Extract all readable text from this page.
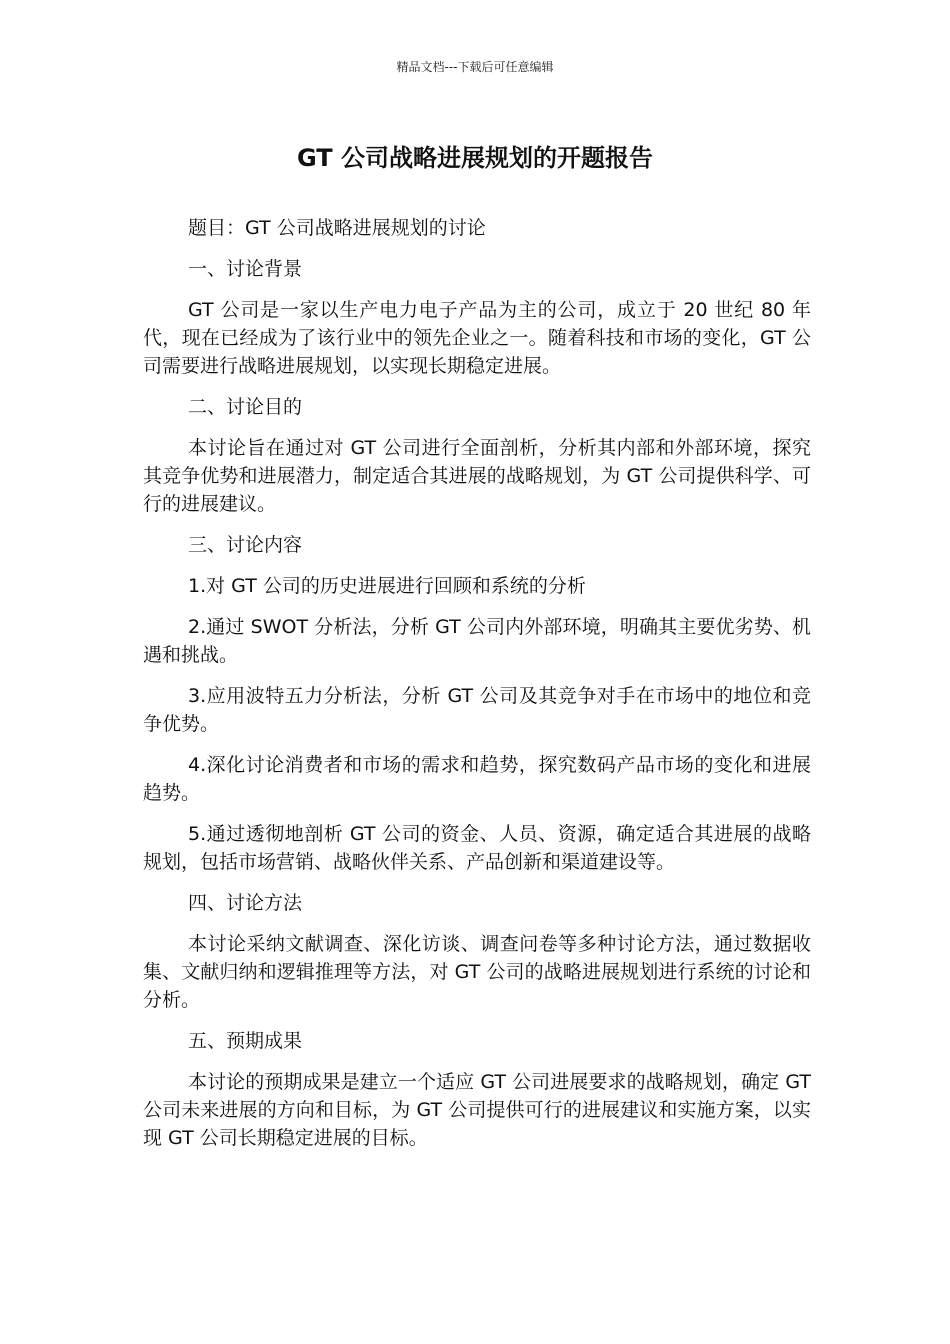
精品文档---下载后可任意编辑
GT 公司战略进展规划的开题报告

题目：GT 公司战略进展规划的讨论

一、讨论背景

GT 公司是一家以生产电力电子产品为主的公司，成立于 20 世纪 80 年代，现在已经成为了该行业中的领先企业之一。随着科技和市场的变化，GT 公司需要进行战略进展规划，以实现长期稳定进展。

二、讨论目的

本讨论旨在通过对 GT 公司进行全面剖析，分析其内部和外部环境，探究其竞争优势和进展潜力，制定适合其进展的战略规划，为 GT 公司提供科学、可行的进展建议。

三、讨论内容

1.对 GT 公司的历史进展进行回顾和系统的分析

2.通过 SWOT 分析法，分析 GT 公司内外部环境，明确其主要优劣势、机遇和挑战。

3.应用波特五力分析法，分析 GT 公司及其竞争对手在市场中的地位和竞争优势。

4.深化讨论消费者和市场的需求和趋势，探究数码产品市场的变化和进展趋势。

5.通过透彻地剖析 GT 公司的资金、人员、资源，确定适合其进展的战略规划，包括市场营销、战略伙伴关系、产品创新和渠道建设等。

四、讨论方法

本讨论采纳文献调查、深化访谈、调查问卷等多种讨论方法，通过数据收集、文献归纳和逻辑推理等方法，对 GT 公司的战略进展规划进行系统的讨论和分析。

五、预期成果

本讨论的预期成果是建立一个适应 GT 公司进展要求的战略规划，确定 GT 公司未来进展的方向和目标，为 GT 公司提供可行的进展建议和实施方案，以实现 GT 公司长期稳定进展的目标。
